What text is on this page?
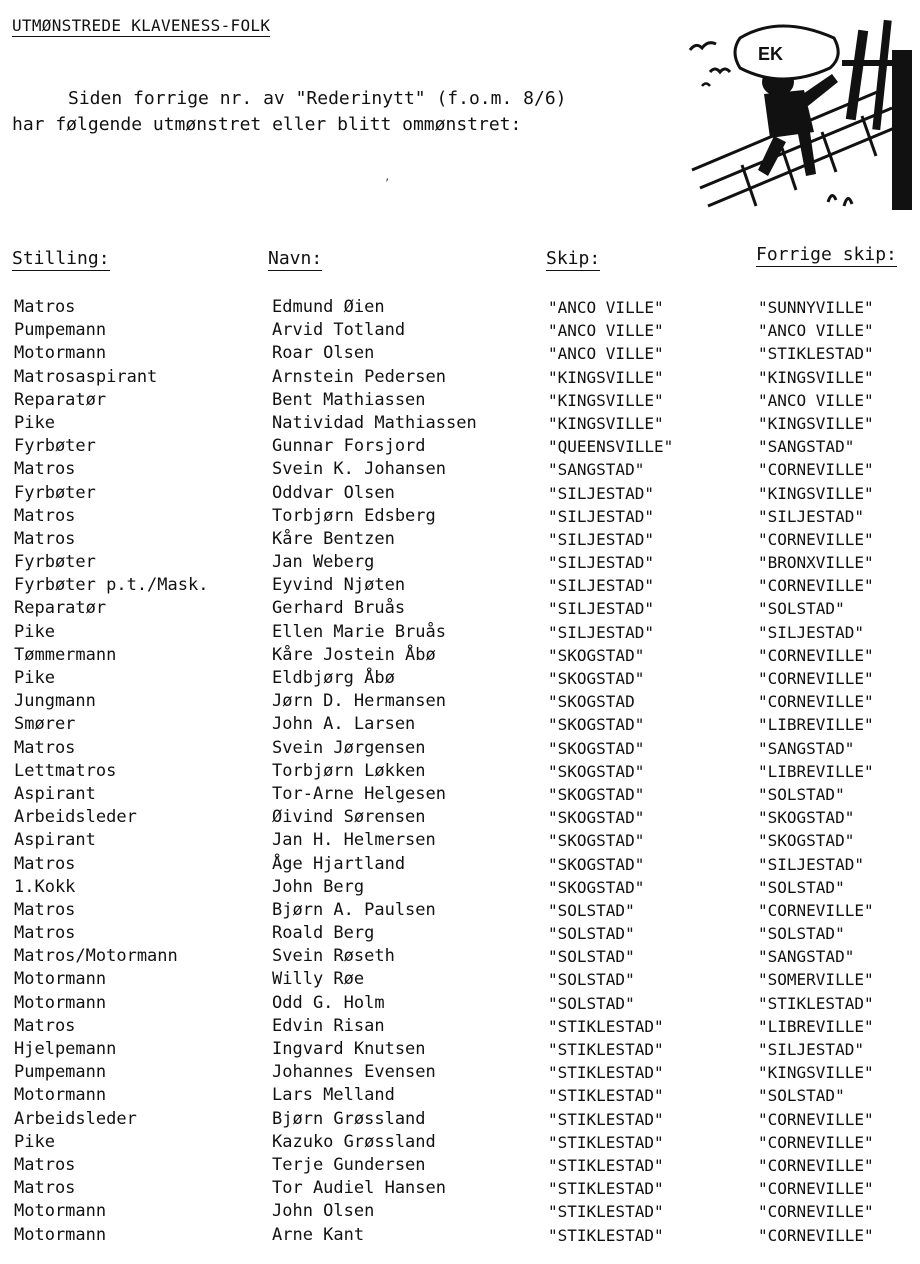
UTMØNSTREDE KLAVENESS-FOLK
Siden forrige nr. av "Rederinytt" (f.o.m. 8/6)
har følgende utmønstret eller blitt ommønstret:
EK
,
Stilling:	Navn:	Skip:	Forrige skip:
Matros	Edmund Øien	"ANCO VILLE"	"SUNNYVILLE"
Pumpemann	Arvid Totland	"ANCO VILLE"	"ANCO VILLE"
Motormann	Roar Olsen	"ANCO VILLE"	"STIKLESTAD"
Matrosaspirant	Arnstein Pedersen	"KINGSVILLE"	"KINGSVILLE"
Reparatør	Bent Mathiassen	"KINGSVILLE"	"ANCO VILLE"
Pike	Natividad Mathiassen	"KINGSVILLE"	"KINGSVILLE"
Fyrbøter	Gunnar Forsjord	"QUEENSVILLE"	"SANGSTAD"
Matros	Svein K. Johansen	"SANGSTAD"	"CORNEVILLE"
Fyrbøter	Oddvar Olsen	"SILJESTAD"	"KINGSVILLE"
Matros	Torbjørn Edsberg	"SILJESTAD"	"SILJESTAD"
Matros	Kåre Bentzen	"SILJESTAD"	"CORNEVILLE"
Fyrbøter	Jan Weberg	"SILJESTAD"	"BRONXVILLE"
Fyrbøter p.t./Mask.	Eyvind Njøten	"SILJESTAD"	"CORNEVILLE"
Reparatør	Gerhard Bruås	"SILJESTAD"	"SOLSTAD"
Pike	Ellen Marie Bruås	"SILJESTAD"	"SILJESTAD"
Tømmermann	Kåre Jostein Åbø	"SKOGSTAD"	"CORNEVILLE"
Pike	Eldbjørg Åbø	"SKOGSTAD"	"CORNEVILLE"
Jungmann	Jørn D. Hermansen	"SKOGSTAD	"CORNEVILLE"
Smører	John A. Larsen	"SKOGSTAD"	"LIBREVILLE"
Matros	Svein Jørgensen	"SKOGSTAD"	"SANGSTAD"
Lettmatros	Torbjørn Løkken	"SKOGSTAD"	"LIBREVILLE"
Aspirant	Tor-Arne Helgesen	"SKOGSTAD"	"SOLSTAD"
Arbeidsleder	Øivind Sørensen	"SKOGSTAD"	"SKOGSTAD"
Aspirant	Jan H. Helmersen	"SKOGSTAD"	"SKOGSTAD"
Matros	Åge Hjartland	"SKOGSTAD"	"SILJESTAD"
1.Kokk	John Berg	"SKOGSTAD"	"SOLSTAD"
Matros	Bjørn A. Paulsen	"SOLSTAD"	"CORNEVILLE"
Matros	Roald Berg	"SOLSTAD"	"SOLSTAD"
Matros/Motormann	Svein Røseth	"SOLSTAD"	"SANGSTAD"
Motormann	Willy Røe	"SOLSTAD"	"SOMERVILLE"
Motormann	Odd G. Holm	"SOLSTAD"	"STIKLESTAD"
Matros	Edvin Risan	"STIKLESTAD"	"LIBREVILLE"
Hjelpemann	Ingvard Knutsen	"STIKLESTAD"	"SILJESTAD"
Pumpemann	Johannes Evensen	"STIKLESTAD"	"KINGSVILLE"
Motormann	Lars Melland	"STIKLESTAD"	"SOLSTAD"
Arbeidsleder	Bjørn Grøssland	"STIKLESTAD"	"CORNEVILLE"
Pike	Kazuko Grøssland	"STIKLESTAD"	"CORNEVILLE"
Matros	Terje Gundersen	"STIKLESTAD"	"CORNEVILLE"
Matros	Tor Audiel Hansen	"STIKLESTAD"	"CORNEVILLE"
Motormann	John Olsen	"STIKLESTAD"	"CORNEVILLE"
Motormann	Arne Kant	"STIKLESTAD"	"CORNEVILLE"
